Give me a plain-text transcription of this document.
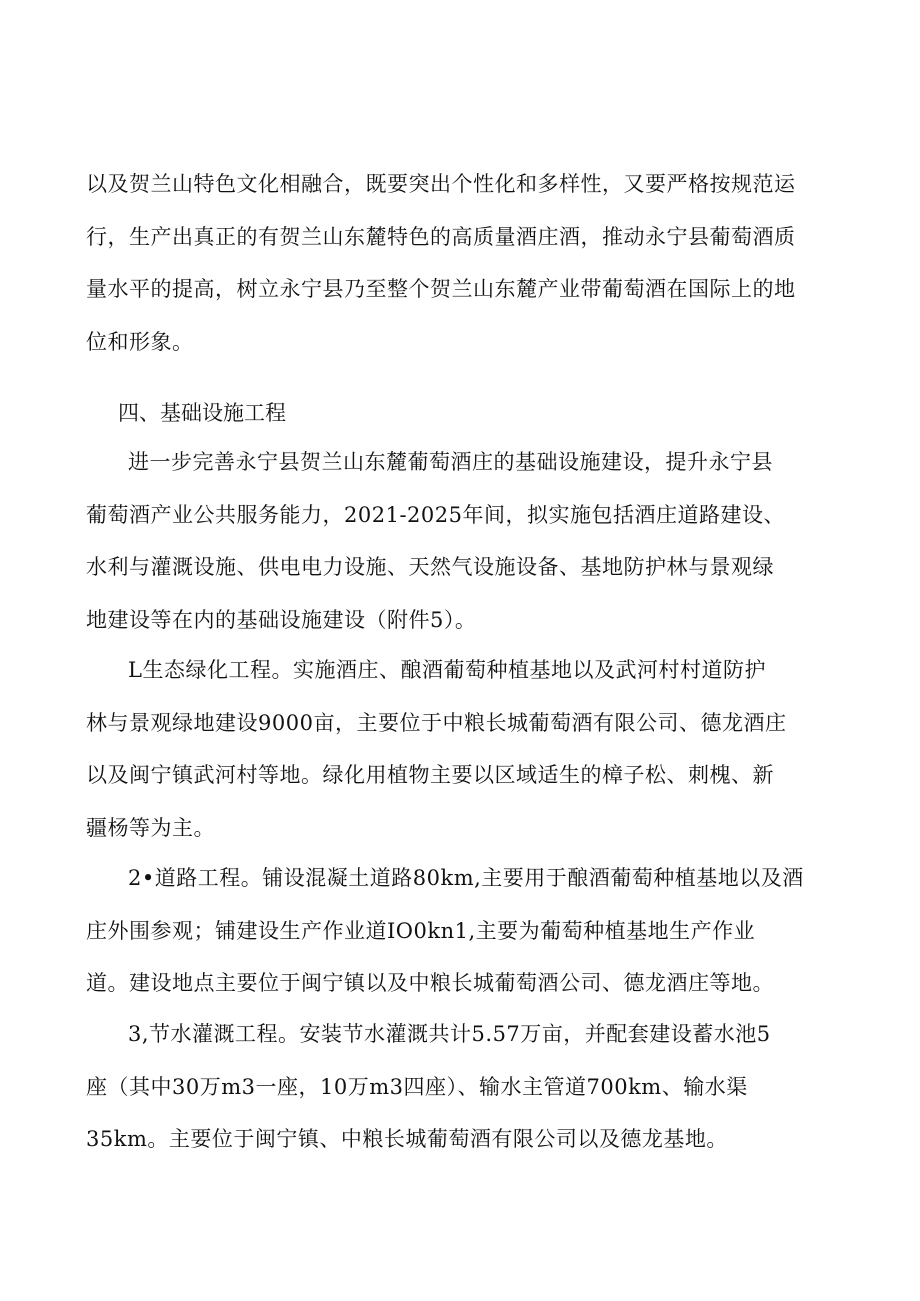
以及贺兰山特色文化相融合，既要突出个性化和多样性，又要严格按规范运
行，生产出真正的有贺兰山东麓特色的高质量酒庄酒，推动永宁县葡萄酒质
量水平的提高，树立永宁县乃至整个贺兰山东麓产业带葡萄酒在国际上的地
位和形象。

四、基础设施工程

进一步完善永宁县贺兰山东麓葡萄酒庄的基础设施建设，提升永宁县
葡萄酒产业公共服务能力，2021-2025年间，拟实施包括酒庄道路建设、
水利与灌溉设施、供电电力设施、天然气设施设备、基地防护林与景观绿
地建设等在内的基础设施建设（附件5）。

L生态绿化工程。实施酒庄、酿酒葡萄种植基地以及武河村村道防护
林与景观绿地建设9000亩，主要位于中粮长城葡萄酒有限公司、德龙酒庄
以及闽宁镇武河村等地。绿化用植物主要以区域适生的樟子松、刺槐、新
疆杨等为主。

2•道路工程。铺设混凝土道路80km,主要用于酿酒葡萄种植基地以及酒
庄外围参观；铺建设生产作业道IO0kn1,主要为葡萄种植基地生产作业
道。建设地点主要位于闽宁镇以及中粮长城葡萄酒公司、德龙酒庄等地。

3,节水灌溉工程。安装节水灌溉共计5.57万亩，并配套建设蓄水池5
座（其中30万m3一座，10万m3四座）、输水主管道700km、输水渠
35km。主要位于闽宁镇、中粮长城葡萄酒有限公司以及德龙基地。
